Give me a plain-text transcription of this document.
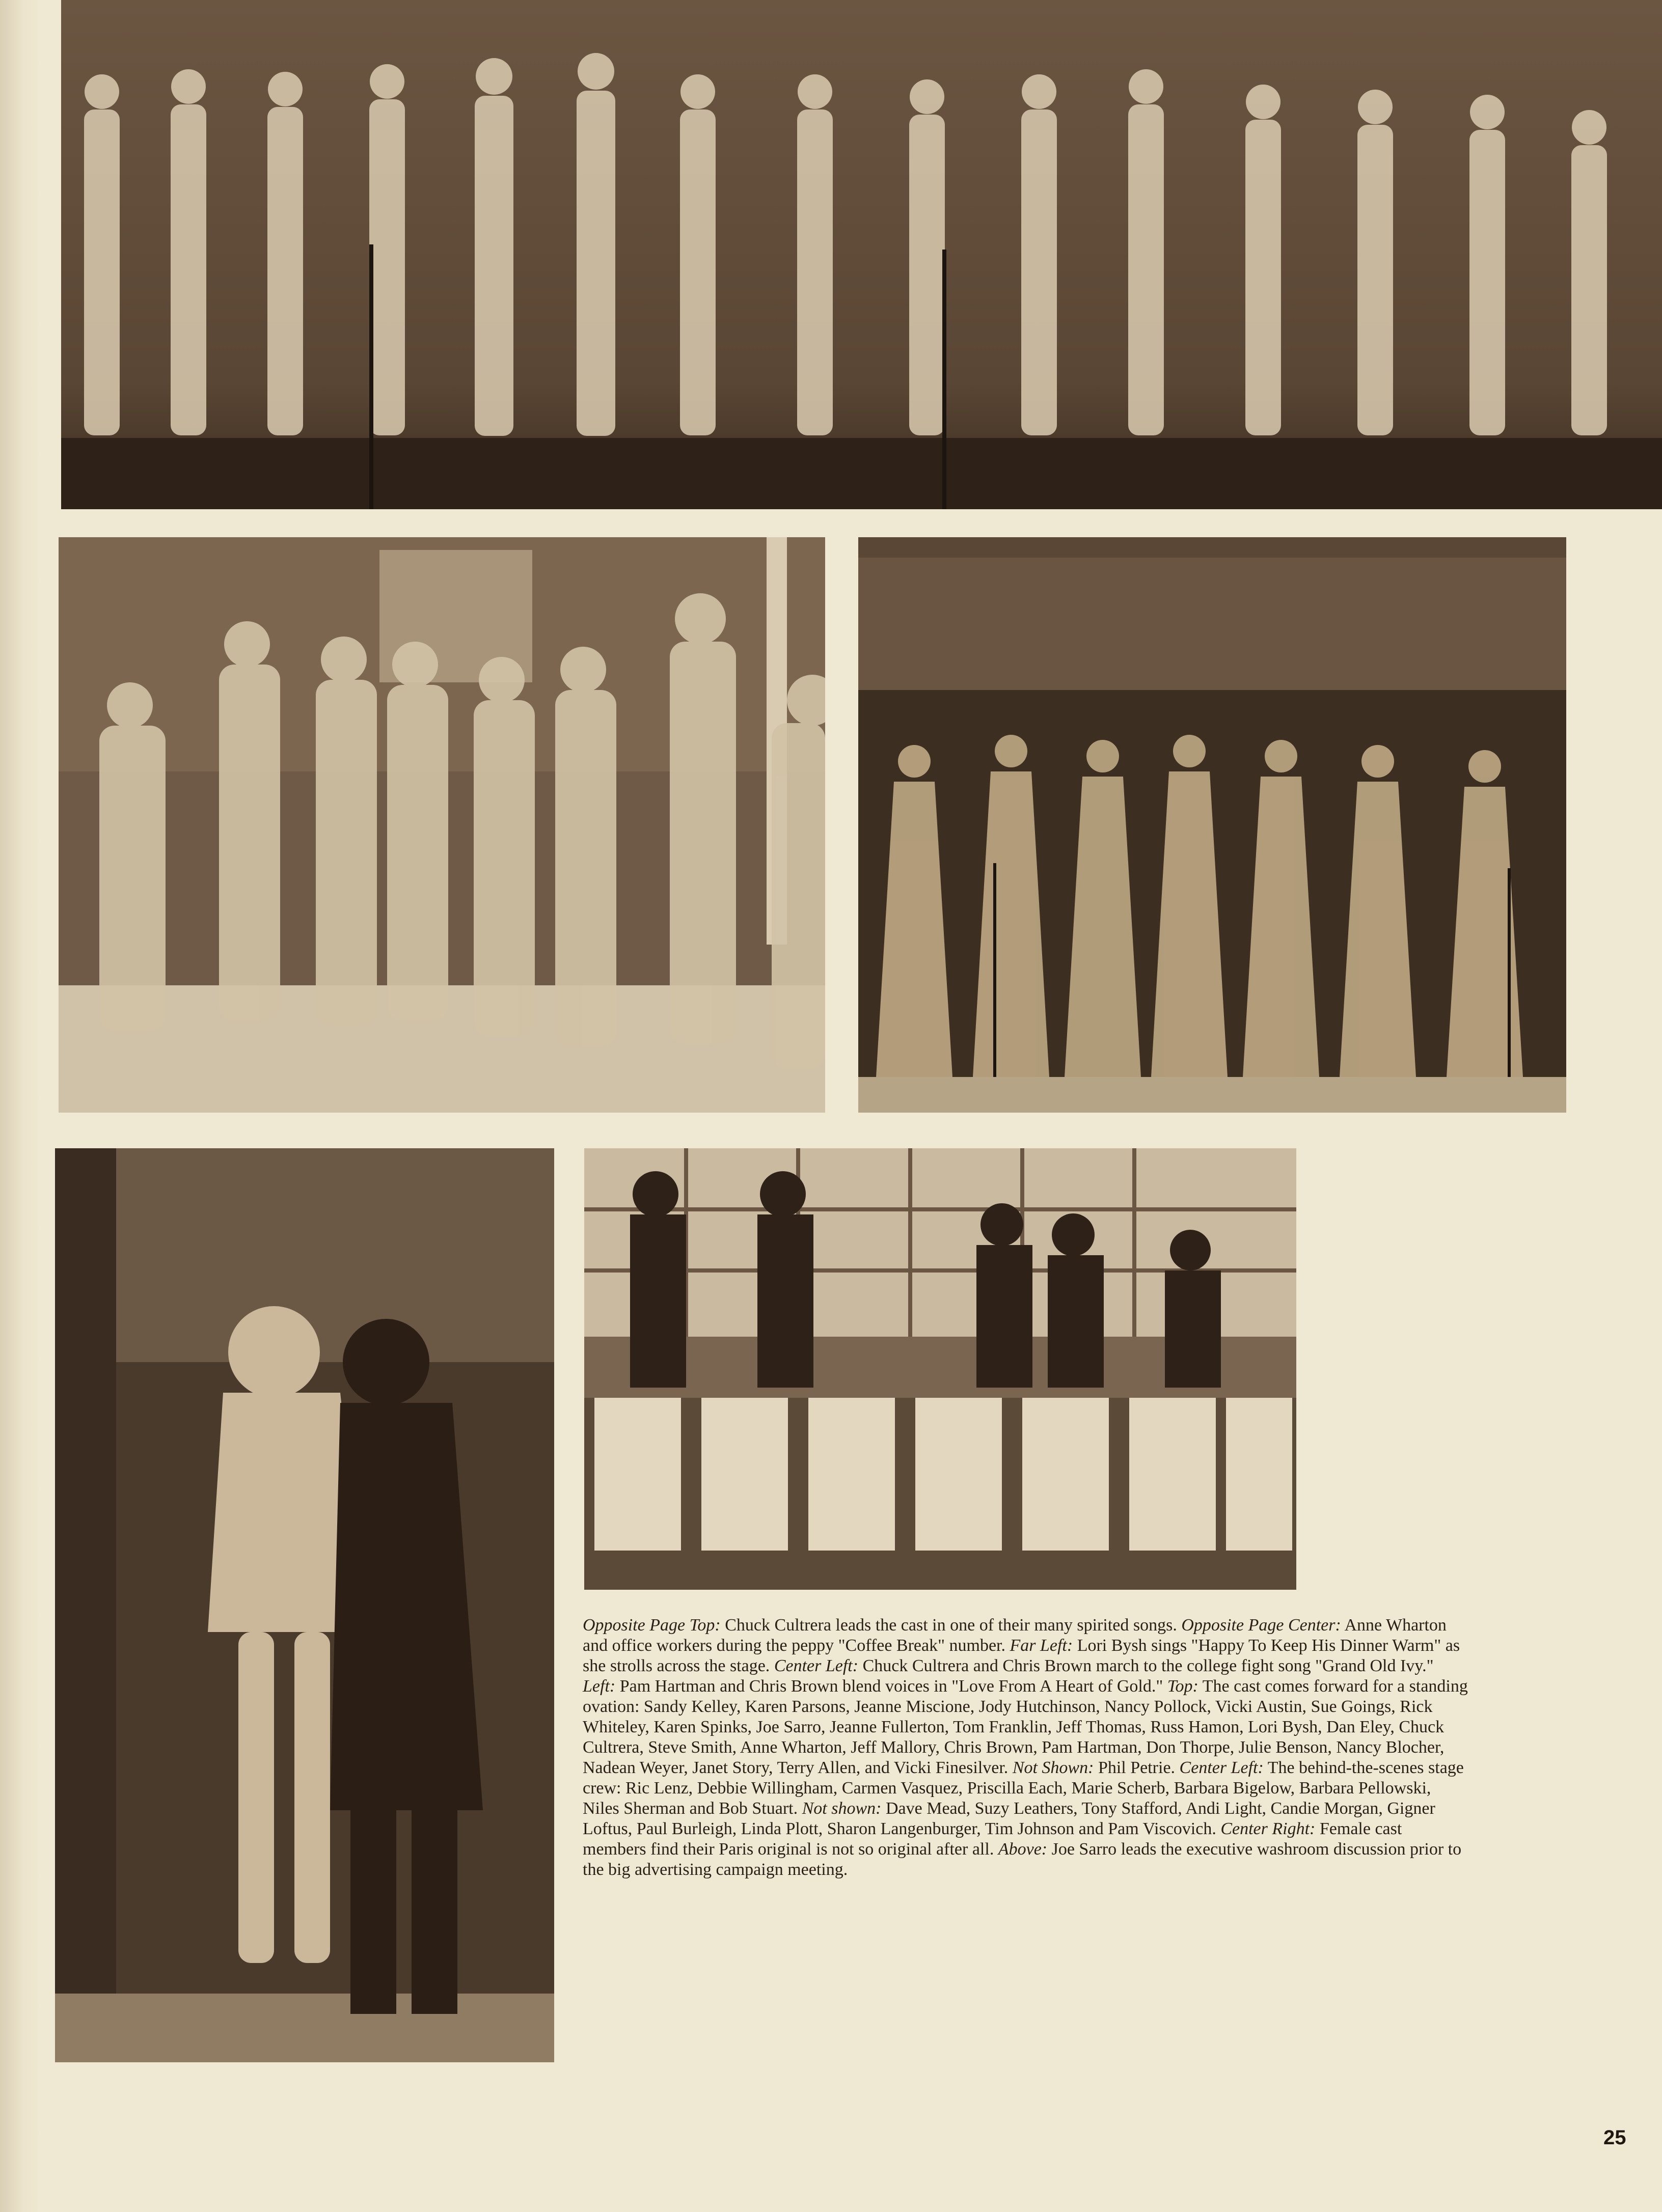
Opposite Page Top: Chuck Cultrera leads the cast in one of their many spirited songs. Opposite Page Center: Anne Wharton and office workers during the peppy "Coffee Break" number. Far Left: Lori Bysh sings "Happy To Keep His Dinner Warm" as she strolls across the stage. Center Left: Chuck Cultrera and Chris Brown march to the college fight song "Grand Old Ivy." Left: Pam Hartman and Chris Brown blend voices in "Love From A Heart of Gold." Top: The cast comes forward for a standing ovation: Sandy Kelley, Karen Parsons, Jeanne Miscione, Jody Hutchinson, Nancy Pollock, Vicki Austin, Sue Goings, Rick Whiteley, Karen Spinks, Joe Sarro, Jeanne Fullerton, Tom Franklin, Jeff Thomas, Russ Hamon, Lori Bysh, Dan Eley, Chuck Cultrera, Steve Smith, Anne Wharton, Jeff Mallory, Chris Brown, Pam Hartman, Don Thorpe, Julie Benson, Nancy Blocher, Nadean Weyer, Janet Story, Terry Allen, and Vicki Finesilver. Not Shown: Phil Petrie. Center Left: The behind-the-scenes stage crew: Ric Lenz, Debbie Willingham, Carmen Vasquez, Priscilla Each, Marie Scherb, Barbara Bigelow, Barbara Pellowski, Niles Sherman and Bob Stuart. Not shown: Dave Mead, Suzy Leathers, Tony Stafford, Andi Light, Candie Morgan, Gigner Loftus, Paul Burleigh, Linda Plott, Sharon Langenburger, Tim Johnson and Pam Viscovich. Center Right: Female cast members find their Paris original is not so original after all. Above: Joe Sarro leads the executive washroom discussion prior to the big advertising campaign meeting.
25
